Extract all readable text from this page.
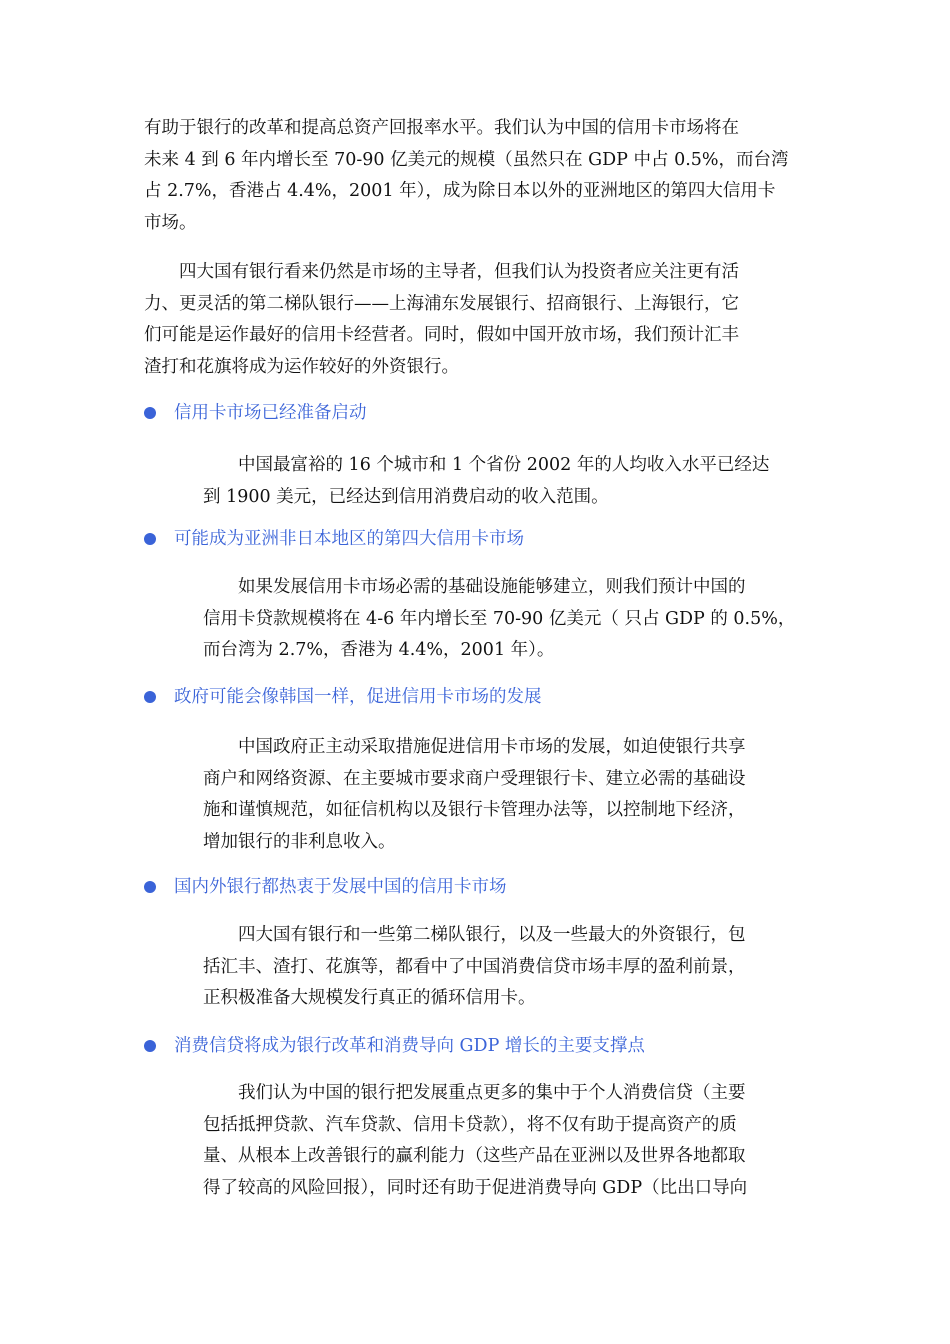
有助于银行的改革和提高总资产回报率水平。我们认为中国的信用卡市场将在
未来 4 到 6 年内增长至 70-90 亿美元的规模（虽然只在 GDP 中占 0.5%，而台湾
占 2.7%，香港占 4.4%，2001 年），成为除日本以外的亚洲地区的第四大信用卡
市场。

　　四大国有银行看来仍然是市场的主导者，但我们认为投资者应关注更有活
力、更灵活的第二梯队银行——上海浦东发展银行、招商银行、上海银行，它
们可能是运作最好的信用卡经营者。同时，假如中国开放市场，我们预计汇丰
渣打和花旗将成为运作较好的外资银行。

信用卡市场已经准备启动

　　中国最富裕的 16 个城市和 1 个省份 2002 年的人均收入水平已经达
到 1900 美元，已经达到信用消费启动的收入范围。

可能成为亚洲非日本地区的第四大信用卡市场

　　如果发展信用卡市场必需的基础设施能够建立，则我们预计中国的
信用卡贷款规模将在 4-6 年内增长至 70-90 亿美元（ 只占 GDP 的 0.5%，
而台湾为 2.7%，香港为 4.4%，2001 年）。

政府可能会像韩国一样，促进信用卡市场的发展

　　中国政府正主动采取措施促进信用卡市场的发展，如迫使银行共享
商户和网络资源、在主要城市要求商户受理银行卡、建立必需的基础设
施和谨慎规范，如征信机构以及银行卡管理办法等，以控制地下经济，
增加银行的非利息收入。

国内外银行都热衷于发展中国的信用卡市场

　　四大国有银行和一些第二梯队银行，以及一些最大的外资银行，包
括汇丰、渣打、花旗等，都看中了中国消费信贷市场丰厚的盈利前景，
正积极准备大规模发行真正的循环信用卡。

消费信贷将成为银行改革和消费导向 GDP 增长的主要支撑点

　　我们认为中国的银行把发展重点更多的集中于个人消费信贷（主要
包括抵押贷款、汽车贷款、信用卡贷款），将不仅有助于提高资产的质
量、从根本上改善银行的赢利能力（这些产品在亚洲以及世界各地都取
得了较高的风险回报），同时还有助于促进消费导向 GDP（比出口导向
